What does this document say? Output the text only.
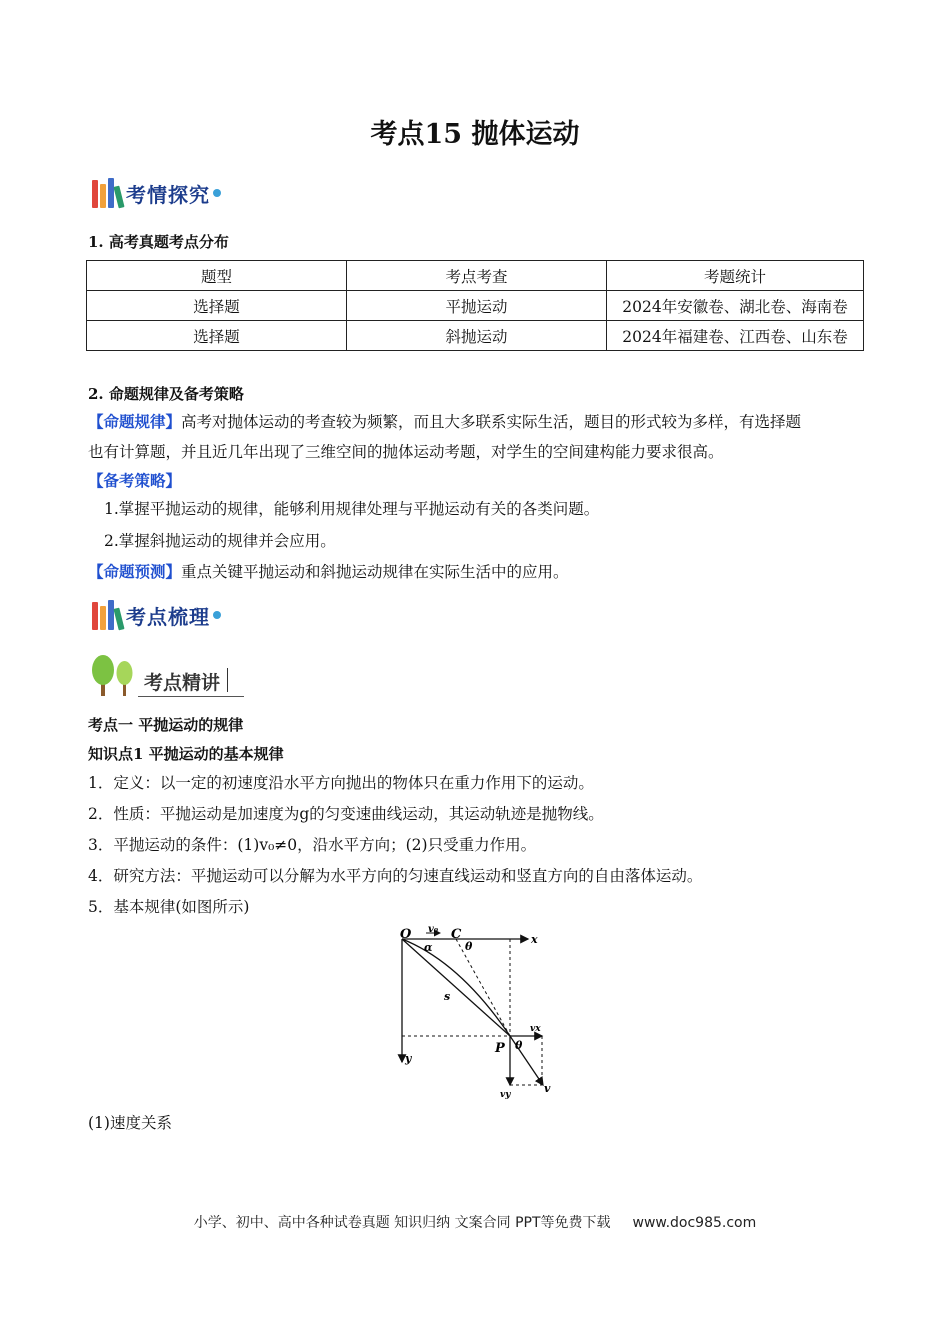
考点15 抛体运动
考情探究
1. 高考真题考点分布
题型	考点考查	考题统计
选择题	平抛运动	2024年安徽卷、湖北卷、海南卷
选择题	斜抛运动	2024年福建卷、江西卷、山东卷
2. 命题规律及备考策略
【命题规律】高考对抛体运动的考查较为频繁，而且大多联系实际生活，题目的形式较为多样，有选择题
也有计算题，并且近几年出现了三维空间的抛体运动考题，对学生的空间建构能力要求很高。
【备考策略】
1.掌握平抛运动的规律，能够利用规律处理与平抛运动有关的各类问题。
2.掌握斜抛运动的规律并会应用。
【命题预测】重点关键平抛运动和斜抛运动规律在实际生活中的应用。
考点梳理
考点精讲
考点一 平抛运动的规律
知识点1 平抛运动的基本规律
1．定义：以一定的初速度沿水平方向抛出的物体只在重力作用下的运动。
2．性质：平抛运动是加速度为g的匀变速曲线运动，其运动轨迹是抛物线。
3．平抛运动的条件：(1)v₀≠0，沿水平方向；(2)只受重力作用。
4．研究方法：平抛运动可以分解为水平方向的匀速直线运动和竖直方向的自由落体运动。
5．基本规律(如图所示)
O v₀ C
θ
x
α
s
P
vx
θ
y
vy	v
(1)速度关系
小学、初中、高中各种试卷真题 知识归纳 文案合同 PPT等免费下载 www.doc985.com
